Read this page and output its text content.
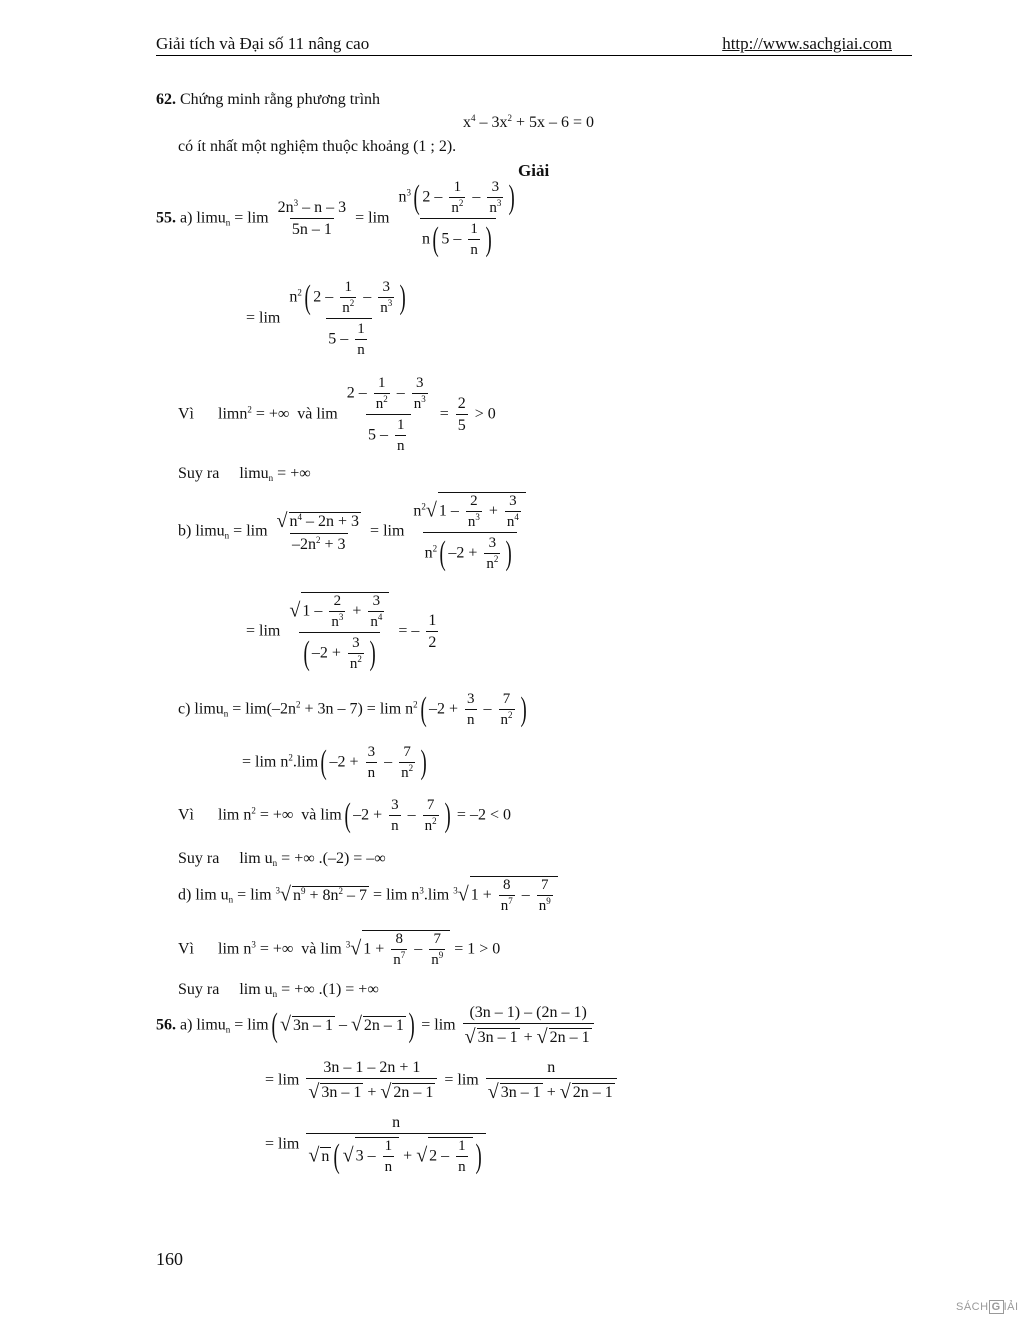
Giải tích và Đại số 11 nâng cao	http://www.sachgiai.com
62. Chứng minh rằng phương trình
$x^4 - 3x^2 + 5x - 6 = 0$
có ít nhất một nghiệm thuộc khoảng (1 ; 2).
Giải
55. a) $\lim u_n = \lim \frac{2n^3 - n - 3}{5n - 1} = \lim \frac{n^3( 2 - \frac{1}{n^2} - \frac{3}{n^3} )}{n( 5 - \frac{1}{n} )}$
= $\lim \frac{n^2( 2 - \frac{1}{n^2} - \frac{3}{n^3} )}{5 - \frac{1}{n}}$
Vì      limn$^2$ = +∞  và $\lim \frac{2 - \frac{1}{n^2} - \frac{3}{n^3}}{5 - \frac{1}{n}} = \frac{2}{5} > 0$
Suy ra     limu$_n$ = +∞
b) $\lim u_n = \lim \frac{√ n^4 - 2n + 3}{-2n^2 + 3} = \lim \frac{n^2√ 1 - \frac{2}{n^3} + \frac{3}{n^4}}{n^2( -2 + \frac{3}{n^2} )}$
= $\lim \frac{√ 1 - \frac{2}{n^3} + \frac{3}{n^4}}{( -2 + \frac{3}{n^2} )}$ = – $\frac{1}{2}$
c) $\lim u_n = \lim(-2n^2 + 3n - 7) = \lim n^2$( $-2 + \frac{3}{n} - \frac{7}{n^2}$ )
= $\lim n^2.\lim$( $-2 + \frac{3}{n} - \frac{7}{n^2}$ )
Vì      $\lim n^2$ = +∞  và lim( $-2 + \frac{3}{n} - \frac{7}{n^2}$ ) = –2 < 0
Suy ra     $\lim u_n$ = +∞ .(–2) = –∞
d) $\lim u_n = \lim ^3√$ $n^9 + 8n^2 - 7 = \lim n^3.\lim$ $^3$√ $1 + \frac{8}{n^7} - \frac{7}{n^9}$
Vì      $\lim n^3$ = +∞  và lim $^3$√ $1 + \frac{8}{n^7} - \frac{7}{n^9} = 1 > 0$
Suy ra     $\lim u_n$ = +∞ .(1) = +∞
56. a) limu$_n$ = lim( √ 3n – 1 – √ 2n – 1 ) = $\lim \frac{(3n - 1) - (2n - 1)}{√ 3n - 1 + √ 2n - 1}$
= $\lim \frac{3n - 1 - 2n + 1}{√ 3n - 1 + √ 2n - 1} = \lim \frac{n}{√ 3n - 1 + √ 2n - 1}$
= $\lim \frac{n}{√ n ( √ 3 - \frac{1}{n} + √ 2 - \frac{1}{n} )}$
160
SÁCH G IẢI
